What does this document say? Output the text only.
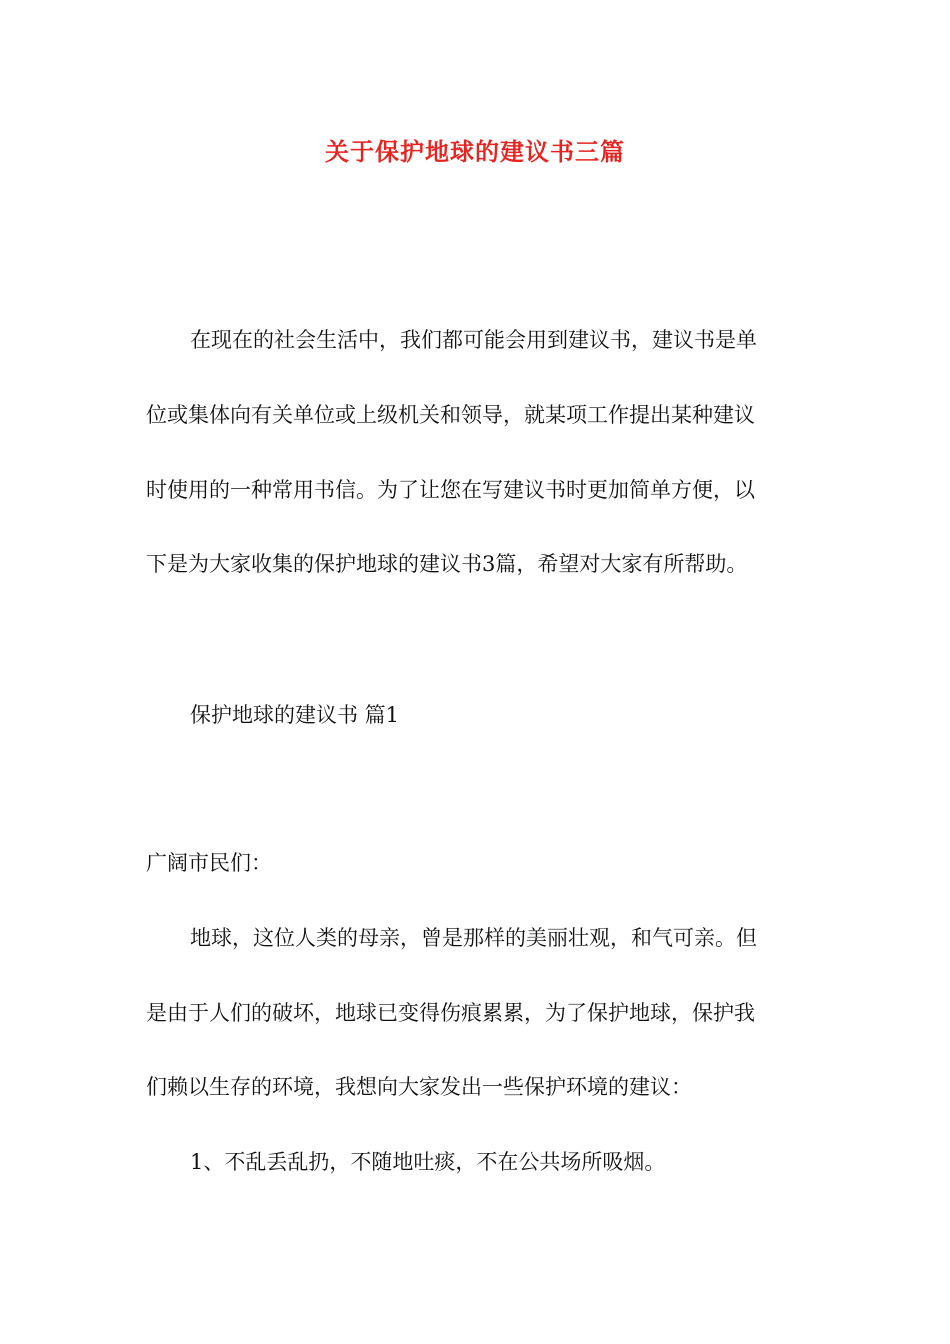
关于保护地球的建议书三篇

在现在的社会生活中，我们都可能会用到建议书，建议书是单

位或集体向有关单位或上级机关和领导，就某项工作提出某种建议

时使用的一种常用书信。为了让您在写建议书时更加简单方便，以

下是为大家收集的保护地球的建议书3篇，希望对大家有所帮助。

保护地球的建议书 篇1

广阔市民们：

地球，这位人类的母亲，曾是那样的美丽壮观，和气可亲。但

是由于人们的破坏，地球已变得伤痕累累，为了保护地球，保护我

们赖以生存的环境，我想向大家发出一些保护环境的建议：

1、不乱丢乱扔，不随地吐痰，不在公共场所吸烟。
